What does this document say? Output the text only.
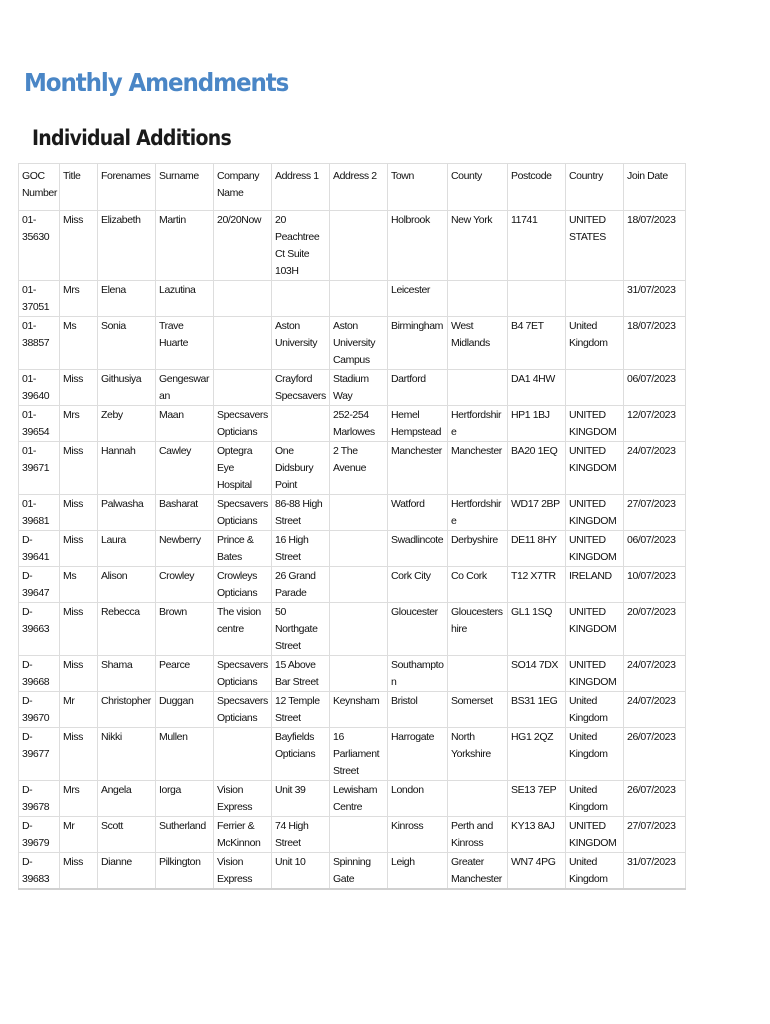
Monthly Amendments
Individual Additions
GOC Number	Title	Forenames	Surname	Company Name	Address 1	Address 2	Town	County	Postcode	Country	Join Date
01-35630	Miss	Elizabeth	Martin	20/20Now	20 Peachtree Ct Suite 103H		Holbrook	New York	11741	UNITED STATES	18/07/2023
01-37051	Mrs	Elena	Lazutina				Leicester				31/07/2023
01-38857	Ms	Sonia	Trave Huarte		Aston University	Aston University Campus	Birmingham	West Midlands	B4 7ET	United Kingdom	18/07/2023
01-39640	Miss	Githusiya	Gengeswaran		Crayford Specsavers	Stadium Way	Dartford		DA1 4HW		06/07/2023
01-39654	Mrs	Zeby	Maan	Specsavers Opticians		252-254 Marlowes	Hemel Hempstead	Hertfordshire	HP1 1BJ	UNITED KINGDOM	12/07/2023
01-39671	Miss	Hannah	Cawley	Optegra Eye Hospital	One Didsbury Point	2 The Avenue	Manchester	Manchester	BA20 1EQ	UNITED KINGDOM	24/07/2023
01-39681	Miss	Palwasha	Basharat	Specsavers Opticians	86-88 High Street		Watford	Hertfordshire	WD17 2BP	UNITED KINGDOM	27/07/2023
D-39641	Miss	Laura	Newberry	Prince & Bates	16 High Street		Swadlincote	Derbyshire	DE11 8HY	UNITED KINGDOM	06/07/2023
D-39647	Ms	Alison	Crowley	Crowleys Opticians	26 Grand Parade		Cork City	Co Cork	T12 X7TR	IRELAND	10/07/2023
D-39663	Miss	Rebecca	Brown	The vision centre	50 Northgate Street		Gloucester	Gloucestershire	GL1 1SQ	UNITED KINGDOM	20/07/2023
D-39668	Miss	Shama	Pearce	Specsavers Opticians	15 Above Bar Street		Southampton		SO14 7DX	UNITED KINGDOM	24/07/2023
D-39670	Mr	Christopher	Duggan	Specsavers Opticians	12 Temple Street	Keynsham	Bristol	Somerset	BS31 1EG	United Kingdom	24/07/2023
D-39677	Miss	Nikki	Mullen		Bayfields Opticians	16 Parliament Street	Harrogate	North Yorkshire	HG1 2QZ	United Kingdom	26/07/2023
D-39678	Mrs	Angela	Iorga	Vision Express	Unit 39	Lewisham Centre	London		SE13 7EP	United Kingdom	26/07/2023
D-39679	Mr	Scott	Sutherland	Ferrier & McKinnon	74 High Street		Kinross	Perth and Kinross	KY13 8AJ	UNITED KINGDOM	27/07/2023
D-39683	Miss	Dianne	Pilkington	Vision Express	Unit 10	Spinning Gate	Leigh	Greater Manchester	WN7 4PG	United Kingdom	31/07/2023
